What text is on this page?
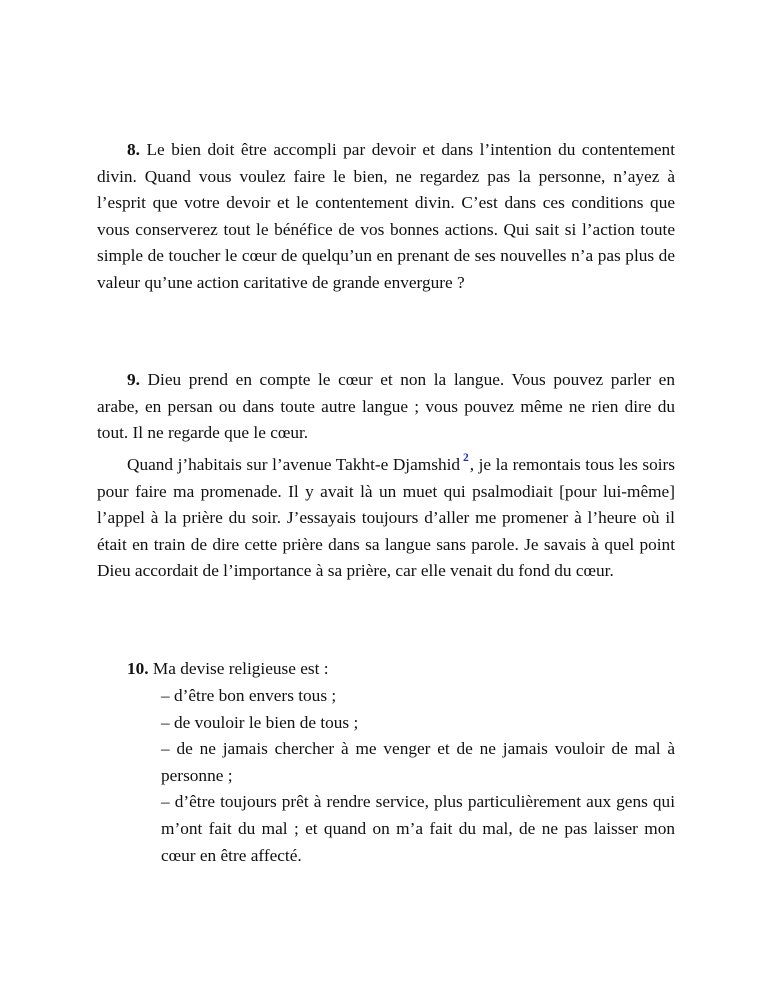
8. Le bien doit être accompli par devoir et dans l’intention du contentement divin. Quand vous voulez faire le bien, ne regardez pas la personne, n’ayez à l’esprit que votre devoir et le contentement divin. C’est dans ces conditions que vous conserverez tout le bénéfice de vos bonnes actions. Qui sait si l’action toute simple de toucher le cœur de quelqu’un en prenant de ses nouvelles n’a pas plus de valeur qu’une action caritative de grande envergure ?

9. Dieu prend en compte le cœur et non la langue. Vous pouvez parler en arabe, en persan ou dans toute autre langue ; vous pouvez même ne rien dire du tout. Il ne regarde que le cœur.

Quand j’habitais sur l’avenue Takht-e Djamshid $^2$, je la remontais tous les soirs pour faire ma promenade. Il y avait là un muet qui psalmodiait [pour lui-même] l’appel à la prière du soir. J’essayais toujours d’aller me promener à l’heure où il était en train de dire cette prière dans sa langue sans parole. Je savais à quel point Dieu accordait de l’importance à sa prière, car elle venait du fond du cœur.

10. Ma devise religieuse est :

– d’être bon envers tous ;
– de vouloir le bien de tous ;
– de ne jamais chercher à me venger et de ne jamais vouloir de mal à personne ;
– d’être toujours prêt à rendre service, plus particulièrement aux gens qui m’ont fait du mal ; et quand on m’a fait du mal, de ne pas laisser mon cœur en être affecté.
